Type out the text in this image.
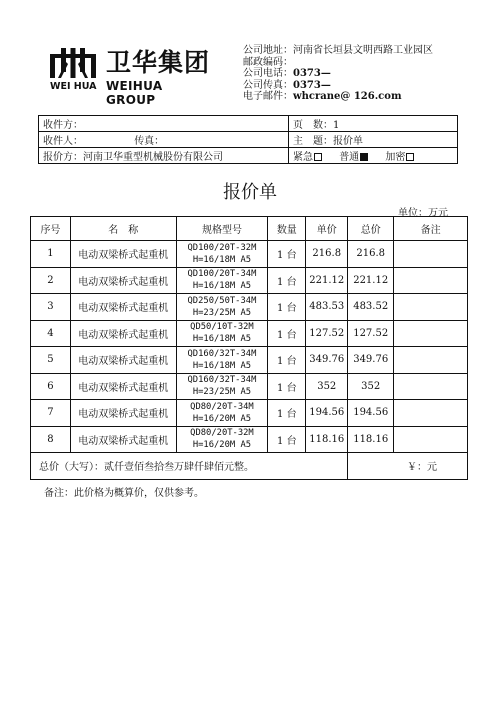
卫华集团
WEI HUA WEIHUA GROUP
公司地址：河南省长垣县文明西路工业园区
邮政编码：
公司电话：0373—
公司传真：0373—
电子邮件：whcrane@ 126.com
收件方：	页　数：1
收件人： 传真：	主　题：报价单
报价方：河南卫华重型机械股份有限公司	紧急 普通 加密
报价单
单位：万元
序号	名　称	规格型号	数量	单价	总价	备注
1	电动双梁桥式起重机	QD100/20T-32M
H=16/18M A5	1 台	216.8	216.8	
2	电动双梁桥式起重机	QD100/20T-34M
H=16/18M A5	1 台	221.12	221.12	
3	电动双梁桥式起重机	QD250/50T-34M
H=23/25M A5	1 台	483.53	483.52	
4	电动双梁桥式起重机	QD50/10T-32M
H=16/18M A5	1 台	127.52	127.52	
5	电动双梁桥式起重机	QD160/32T-34M
H=16/18M A5	1 台	349.76	349.76	
6	电动双梁桥式起重机	QD160/32T-34M
H=23/25M A5	1 台	352	352	
7	电动双梁桥式起重机	QD80/20T-34M
H=16/20M A5	1 台	194.56	194.56	
8	电动双梁桥式起重机	QD80/20T-32M
H=16/20M A5	1 台	118.16	118.16	
总价（大写）：贰仟壹佰叁拾叁万肆仟肆佰元整。					￥：元	
备注：此价格为概算价，仅供参考。
